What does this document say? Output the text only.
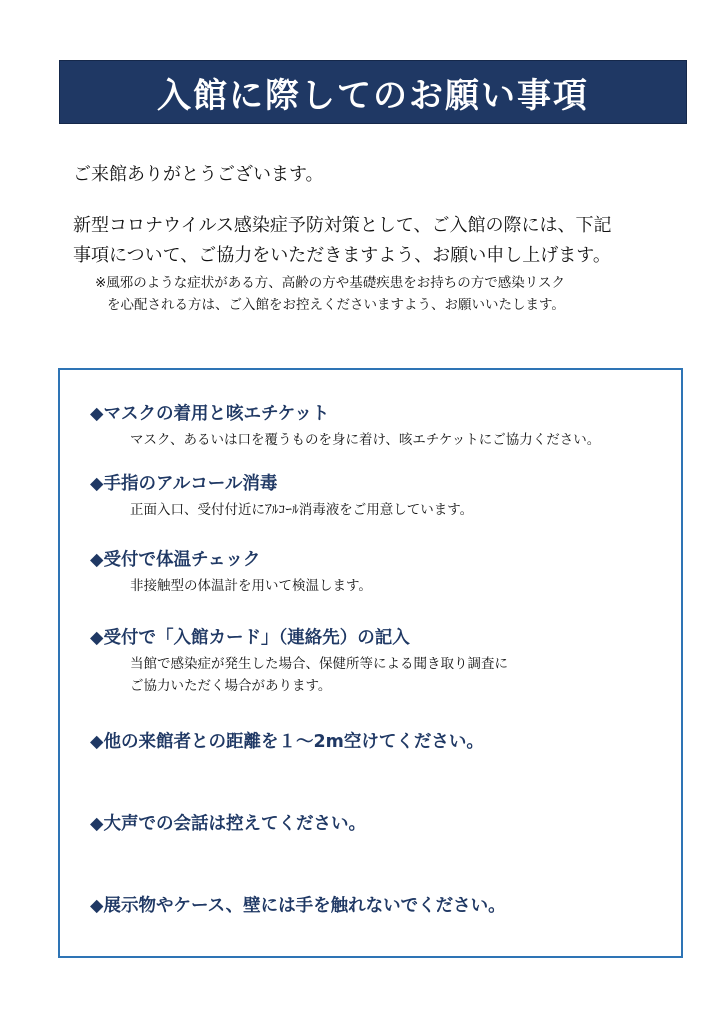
入館に際してのお願い事項
ご来館ありがとうございます。
新型コロナウイルス感染症予防対策として、ご入館の際には、下記
事項について、ご協力をいただきますよう、お願い申し上げます。
※風邪のような症状がある方、高齢の方や基礎疾患をお持ちの方で感染リスク
を心配される方は、ご入館をお控えくださいますよう、お願いいたします。
◆マスクの着用と咳エチケット
マスク、あるいは口を覆うものを身に着け、咳エチケットにご協力ください。
◆手指のアルコール消毒
正面入口、受付付近にｱﾙｺｰﾙ消毒液をご用意しています。
◆受付で体温チェック
非接触型の体温計を用いて検温します。
◆受付で「入館カード」（連絡先）の記入
当館で感染症が発生した場合、保健所等による聞き取り調査に
ご協力いただく場合があります。
◆他の来館者との距離を１～2m空けてください。
◆大声での会話は控えてください。
◆展示物やケース、壁には手を触れないでください。
